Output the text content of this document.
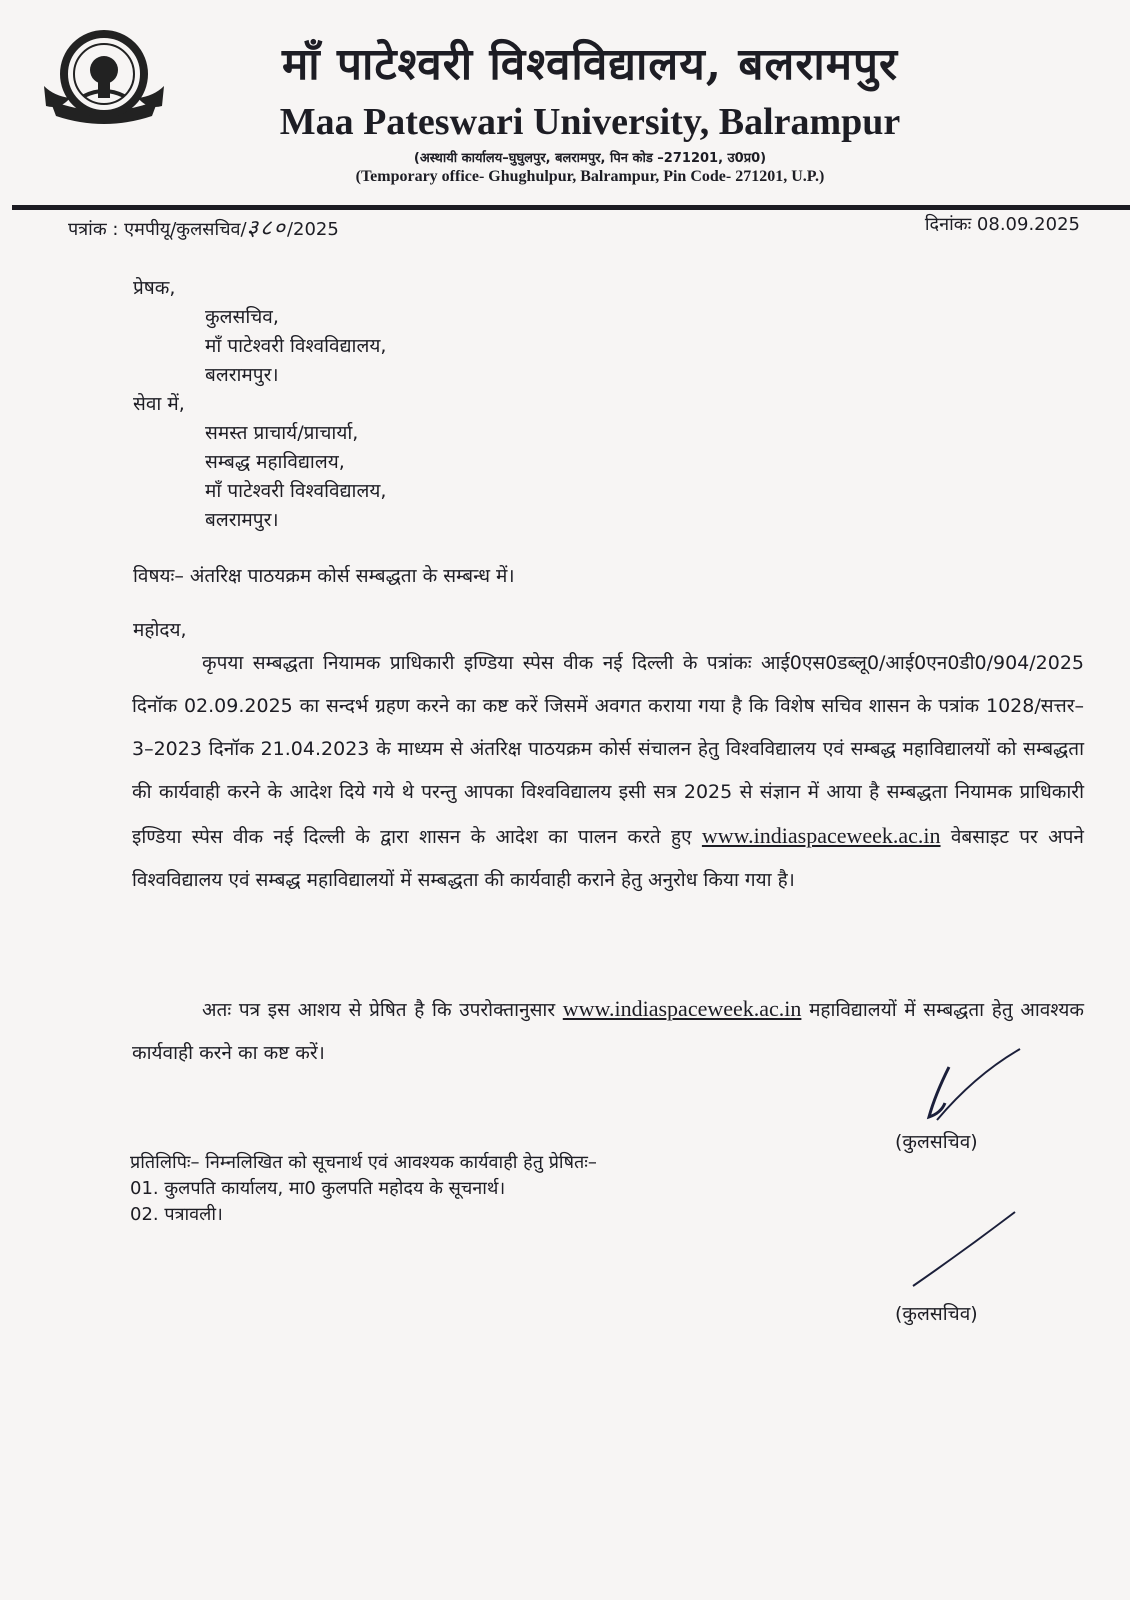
माँ पाटेश्वरी विश्वविद्यालय, बलरामपुर
Maa Pateswari University, Balrampur
(अस्थायी कार्यालय–घुघुलपुर, बलरामपुर, पिन कोड –271201, उ0प्र0)
(Temporary office- Ghughulpur, Balrampur, Pin Code- 271201, U.P.)
पत्रांक : एमपीयू/कुलसचिव/३८०/2025	दिनांकः 08.09.2025
प्रेषक,
कुलसचिव,
माँ पाटेश्वरी विश्वविद्यालय,
बलरामपुर।
सेवा में,
समस्त प्राचार्य/प्राचार्या,
सम्बद्ध महाविद्यालय,
माँ पाटेश्वरी विश्वविद्यालय,
बलरामपुर।
विषयः– अंतरिक्ष पाठयक्रम कोर्स सम्बद्धता के सम्बन्ध में।
महोदय,
कृपया सम्बद्धता नियामक प्राधिकारी इण्डिया स्पेस वीक नई दिल्ली के पत्रांकः आई0एस0डब्लू0/आई0एन0डी0/904/2025 दिनॉक 02.09.2025 का सन्दर्भ ग्रहण करने का कष्ट करें जिसमें अवगत कराया गया है कि विशेष सचिव शासन के पत्रांक 1028/सत्तर–3–2023 दिनॉक 21.04.2023 के माध्यम से अंतरिक्ष पाठयक्रम कोर्स संचालन हेतु विश्वविद्यालय एवं सम्बद्ध महाविद्यालयों को सम्बद्धता की कार्यवाही करने के आदेश दिये गये थे परन्तु आपका विश्वविद्यालय इसी सत्र 2025 से संज्ञान में आया है सम्बद्धता नियामक प्राधिकारी इण्डिया स्पेस वीक नई दिल्ली के द्वारा शासन के आदेश का पालन करते हुए www.indiaspaceweek.ac.in वेबसाइट पर अपने विश्वविद्यालय एवं सम्बद्ध महाविद्यालयों में सम्बद्धता की कार्यवाही कराने हेतु अनुरोध किया गया है।
अतः पत्र इस आशय से प्रेषित है कि उपरोक्तानुसार www.indiaspaceweek.ac.in महाविद्यालयों में सम्बद्धता हेतु आवश्यक कार्यवाही करने का कष्ट करें।
(कुलसचिव)
प्रतिलिपिः– निम्नलिखित को सूचनार्थ एवं आवश्यक कार्यवाही हेतु प्रेषितः–
01. कुलपति कार्यालय, मा0 कुलपति महोदय के सूचनार्थ।
02. पत्रावली।
(कुलसचिव)
